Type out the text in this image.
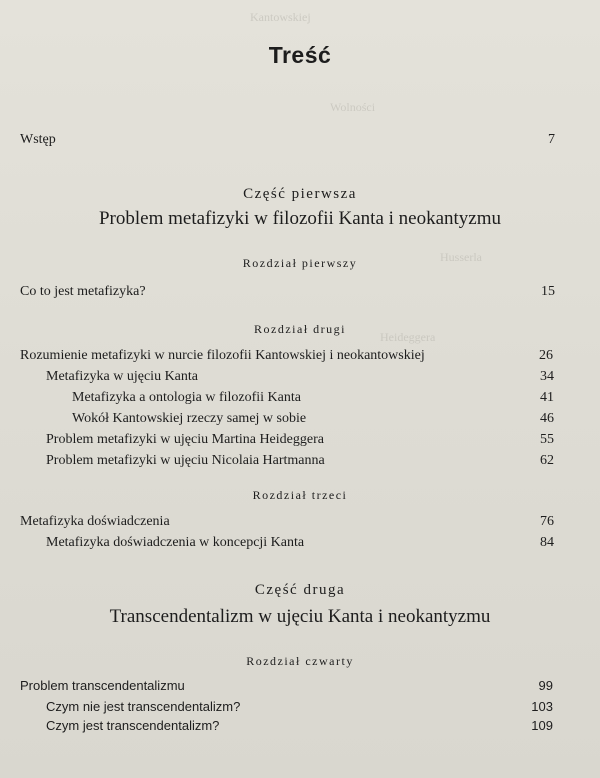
Kantowskiej
Wolności
Heideggera
Husserla
Treść
Wstęp	7
Część pierwsza
Problem metafizyki w filozofii Kanta i neokantyzmu
Rozdział pierwszy
Co to jest metafizyka?	15
Rozdział drugi
Rozumienie metafizyki w nurcie filozofii Kantowskiej i neokantowskiej	26
Metafizyka w ujęciu Kanta	34
Metafizyka a ontologia w filozofii Kanta	41
Wokół Kantowskiej rzeczy samej w sobie	46
Problem metafizyki w ujęciu Martina Heideggera	55
Problem metafizyki w ujęciu Nicolaia Hartmanna	62
Rozdział trzeci
Metafizyka doświadczenia	76
Metafizyka doświadczenia w koncepcji Kanta	84
Część druga
Transcendentalizm w ujęciu Kanta i neokantyzmu
Rozdział czwarty
Problem transcendentalizmu	99
Czym nie jest transcendentalizm?	103
Czym jest transcendentalizm?	109
